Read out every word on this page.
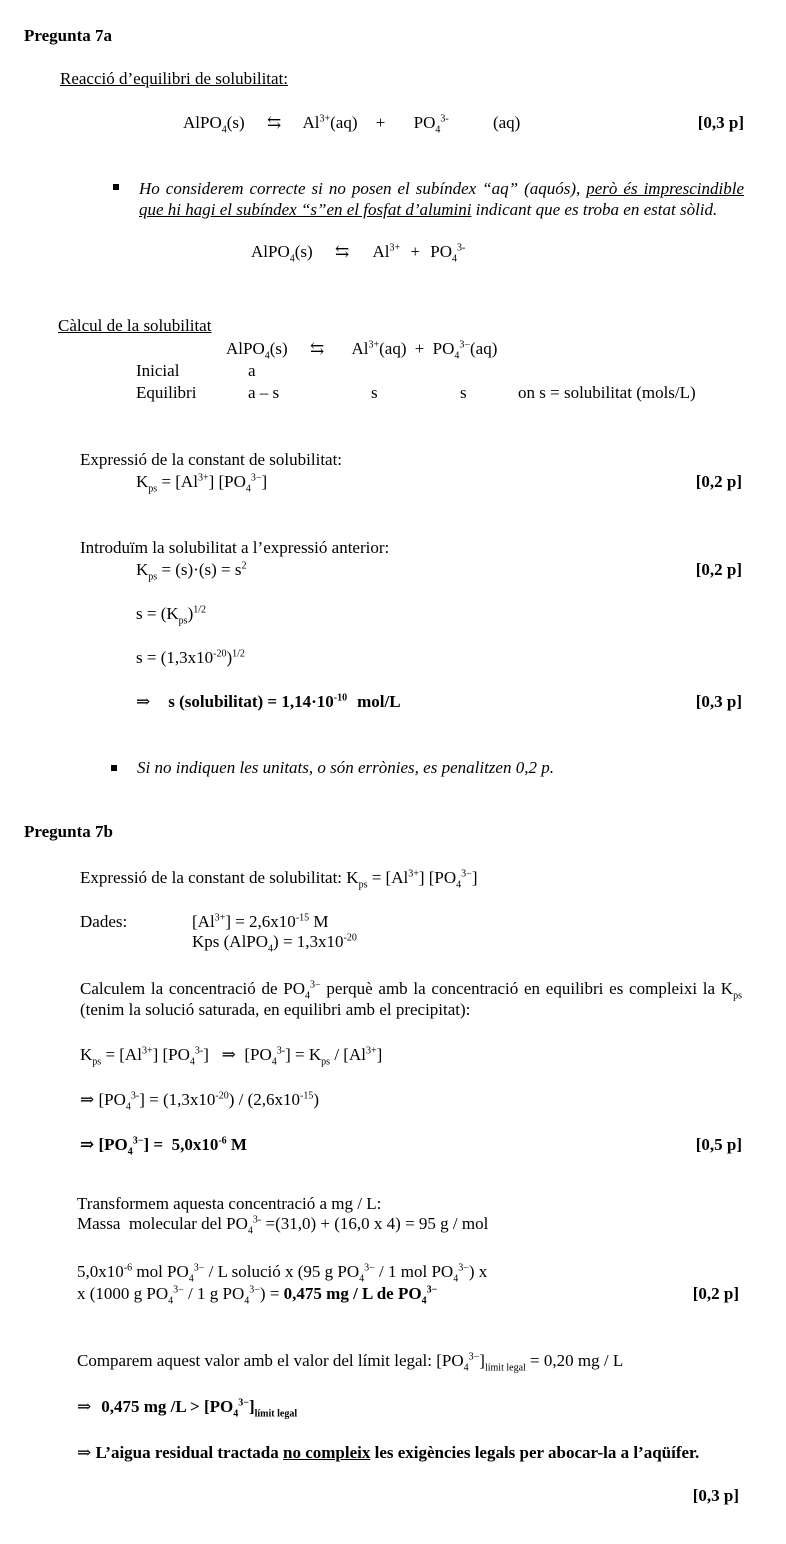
Pregunta 7a
Reacció d’equilibri de solubilitat:
AlPO$_4$(s) ⇆ $Al^{3+}(aq) + PO_4^{3-}$	(aq)	[0,3 p]
Ho considerem correcte si no posen el subíndex “aq” (aquós), però és imprescindible que hi hagi el subíndex “s”en el fosfat d’alumini indicant que es troba en estat sòlid.
AlPO$_4$(s) ⇆ $Al^{3+} + PO_4^{3-}$
Càlcul de la solubilitat
AlPO$_4$(s) ⇆ $Al^{3+}(aq) + PO_4^{3-}(aq)$
Inicial	a
Equilibri	a – s	s	s	on s = solubilitat (mols/L)
Expressió de la constant de solubilitat:
$K_{ps} = [Al^{3+}]$ $[PO_4^{3-}]$	[0,2 p]
Introduïm la solubilitat a l’expressió anterior:
$K_{ps} = (s)\cdot(s) = s^2$	[0,2 p]
$s = (K_{ps})^{1/2}$
$s = (1,3x10^{-20})^{1/2}$
⇒ s (solubilitat) = $1,14\cdot 10^{-10}$ mol/L	[0,3 p]
Si no indiquen les unitats, o són errònies, es penalitzen 0,2 p.
Pregunta 7b
Expressió de la constant de solubilitat: $K_{ps} = [Al^{3+}]$ $[PO_4^{3-}]$
Dades:	$[Al^{3+}] = 2,6x10^{-15}$ M
Kps (AlPO$_4$) = $1,3x10^{-20}$
Calculem la concentració de $PO_4^{3-}$ perquè amb la concentració en equilibri es compleixi la $K_{ps}$ (tenim la solució saturada, en equilibri amb el precipitat):
$K_{ps} = [Al^{3+}]$ $[PO_4^{3-}]$   ⇒  $[PO_4^{3-}] = K_{ps} / [Al^{3+}]$
⇒ $[PO_4^{3-}] = (1,3x10^{-20}) / (2,6x10^{-15})$
⇒ $[PO_4^{3-}] = 5,0x10^{-6}$ M	[0,5 p]
Transformem aquesta concentració a mg / L:
Massa  molecular del $PO_4^{3-} =(31,0) + (16,0$ x 4) = 95 g / mol
$5,0x10^{-6}$ mol $PO_4^{3-}$ / L solució x (95 g $PO_4^{3-} / 1$ mol $PO_4^{3-}$) x
x (1000 g $PO_4^{3-} / 1$ g $PO_4^{3-}) = 0,475$ mg / L de $PO_4^{3-}$	[0,2 p]
Comparem aquest valor amb el valor del límit legal: $[PO_4^{3-}]_{límit legal} = 0,20$ mg / L
⇒ 0,475 mg $/L > [PO_4^{3-}]_{límit legal}$
⇒ L’aigua residual tractada no compleix les exigències legals per abocar-la a l’aqüífer.
[0,3 p]
